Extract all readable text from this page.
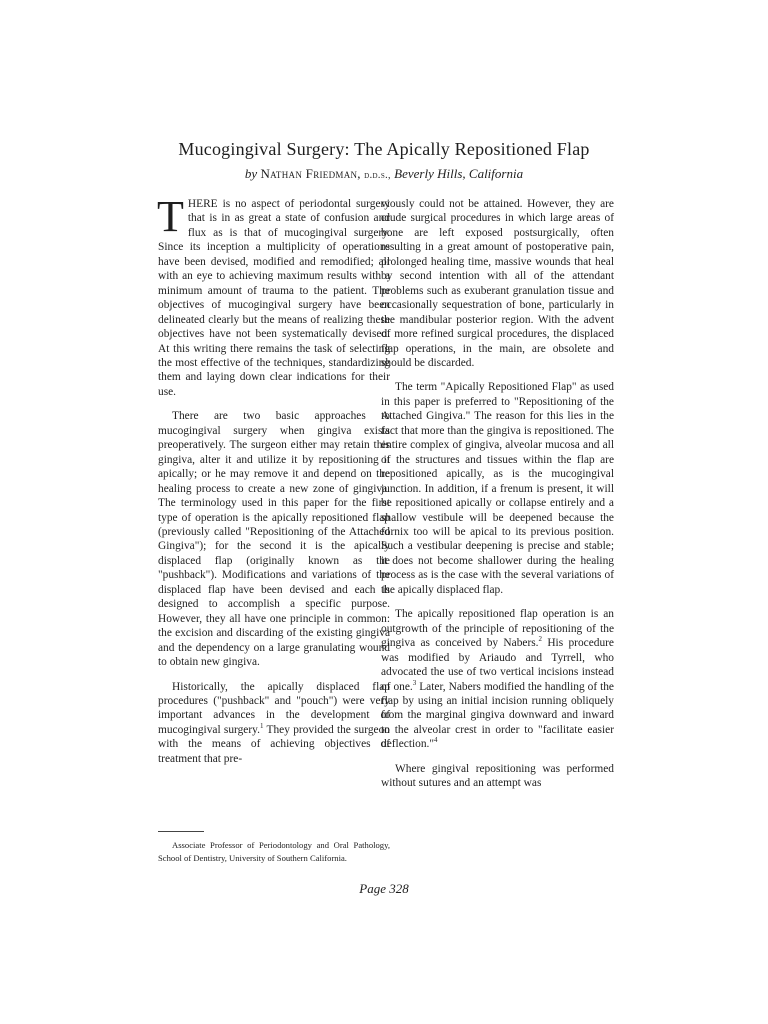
Mucogingival Surgery: The Apically Repositioned Flap
by Nathan Friedman, d.d.s., Beverly Hills, California

THERE is no aspect of periodontal surgery that is in as great a state of confusion and flux as is that of mucogingival surgery. Since its inception a multiplicity of operations have been devised, modified and remodified; all with an eye to achieving maximum results with a minimum amount of trauma to the patient. The objectives of mucogingival surgery have been delineated clearly but the means of realizing these objectives have not been systematically devised. At this writing there remains the task of selecting the most effective of the techniques, standardizing them and laying down clear indications for their use.

There are two basic approaches to mucogingival surgery when gingiva exists preoperatively. The surgeon either may retain this gingiva, alter it and utilize it by repositioning it apically; or he may remove it and depend on the healing process to create a new zone of gingiva. The terminology used in this paper for the first type of operation is the apically repositioned flap (previously called "Repositioning of the Attached Gingiva"); for the second it is the apically displaced flap (originally known as the "pushback"). Modifications and variations of the displaced flap have been devised and each is designed to accomplish a specific purpose. However, they all have one principle in common: the excision and discarding of the existing gingiva and the dependency on a large granulating wound to obtain new gingiva.

Historically, the apically displaced flap procedures ("pushback" and "pouch") were very important advances in the development of mucogingival surgery.$^1$ They provided the surgeon with the means of achieving objectives of treatment that pre-

viously could not be attained. However, they are crude surgical procedures in which large areas of bone are left exposed postsurgically, often resulting in a great amount of postoperative pain, prolonged healing time, massive wounds that heal by second intention with all of the attendant problems such as exuberant granulation tissue and occasionally sequestration of bone, particularly in the mandibular posterior region. With the advent of more refined surgical procedures, the displaced flap operations, in the main, are obsolete and should be discarded.

The term "Apically Repositioned Flap" as used in this paper is preferred to "Repositioning of the Attached Gingiva." The reason for this lies in the fact that more than the gingiva is repositioned. The entire complex of gingiva, alveolar mucosa and all of the structures and tissues within the flap are repositioned apically, as is the mucogingival junction. In addition, if a frenum is present, it will be repositioned apically or collapse entirely and a shallow vestibule will be deepened because the fornix too will be apical to its previous position. Such a vestibular deepening is precise and stable; it does not become shallower during the healing process as is the case with the several variations of the apically displaced flap.

The apically repositioned flap operation is an outgrowth of the principle of repositioning of the gingiva as conceived by Nabers.$^2$ His procedure was modified by Ariaudo and Tyrrell, who advocated the use of two vertical incisions instead of one.$^3$ Later, Nabers modified the handling of the flap by using an initial incision running obliquely from the marginal gingiva downward and inward to the alveolar crest in order to "facilitate easier deflection."$^4$

Where gingival repositioning was performed without sutures and an attempt was

Associate Professor of Periodontology and Oral Pathology, School of Dentistry, University of Southern California.
Page 328
